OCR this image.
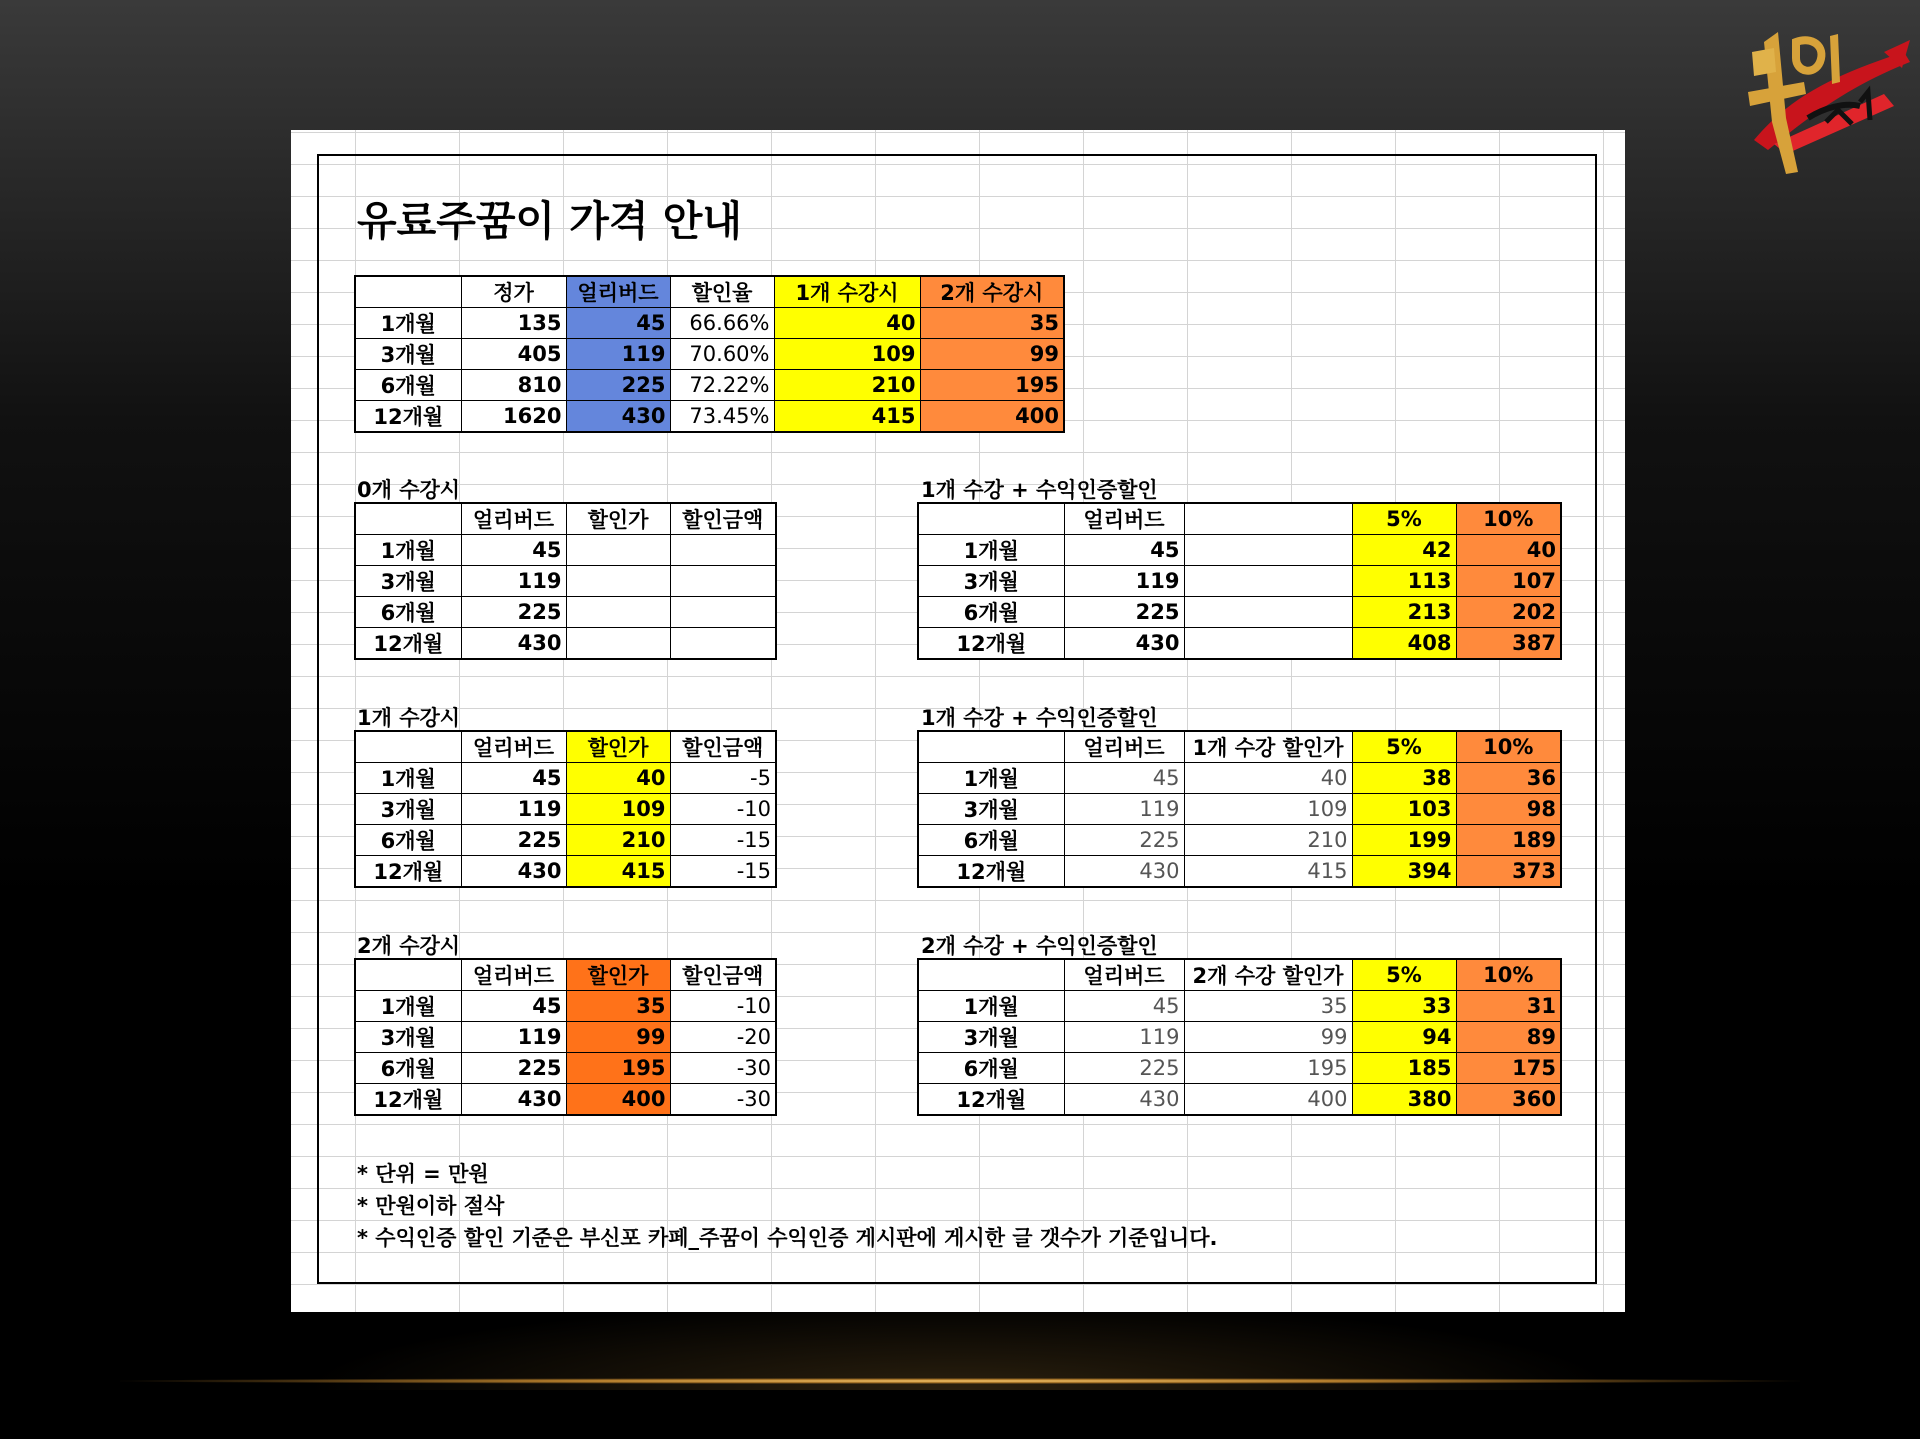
유료주꿈이 가격 안내
	정가	얼리버드	할인율	1개 수강시	2개 수강시
1개월	135	45	66.66%	40	35
3개월	405	119	70.60%	109	99
6개월	810	225	72.22%	210	195
12개월	1620	430	73.45%	415	400
0개 수강시
	얼리버드	할인가	할인금액
1개월	45		
3개월	119		
6개월	225		
12개월	430		
1개 수강시
	얼리버드	할인가	할인금액
1개월	45	40	-5
3개월	119	109	-10
6개월	225	210	-15
12개월	430	415	-15
2개 수강시
	얼리버드	할인가	할인금액
1개월	45	35	-10
3개월	119	99	-20
6개월	225	195	-30
12개월	430	400	-30
1개 수강 + 수익인증할인
	얼리버드		5%	10%
1개월	45		42	40
3개월	119		113	107
6개월	225		213	202
12개월	430		408	387
1개 수강 + 수익인증할인
	얼리버드	1개 수강 할인가	5%	10%
1개월	45	40	38	36
3개월	119	109	103	98
6개월	225	210	199	189
12개월	430	415	394	373
2개 수강 + 수익인증할인
	얼리버드	2개 수강 할인가	5%	10%
1개월	45	35	33	31
3개월	119	99	94	89
6개월	225	195	185	175
12개월	430	400	380	360
* 단위 = 만원
* 만원이하 절삭
* 수익인증 할인 기준은 부신포 카페_주꿈이 수익인증 게시판에 게시한 글 갯수가 기준입니다.
